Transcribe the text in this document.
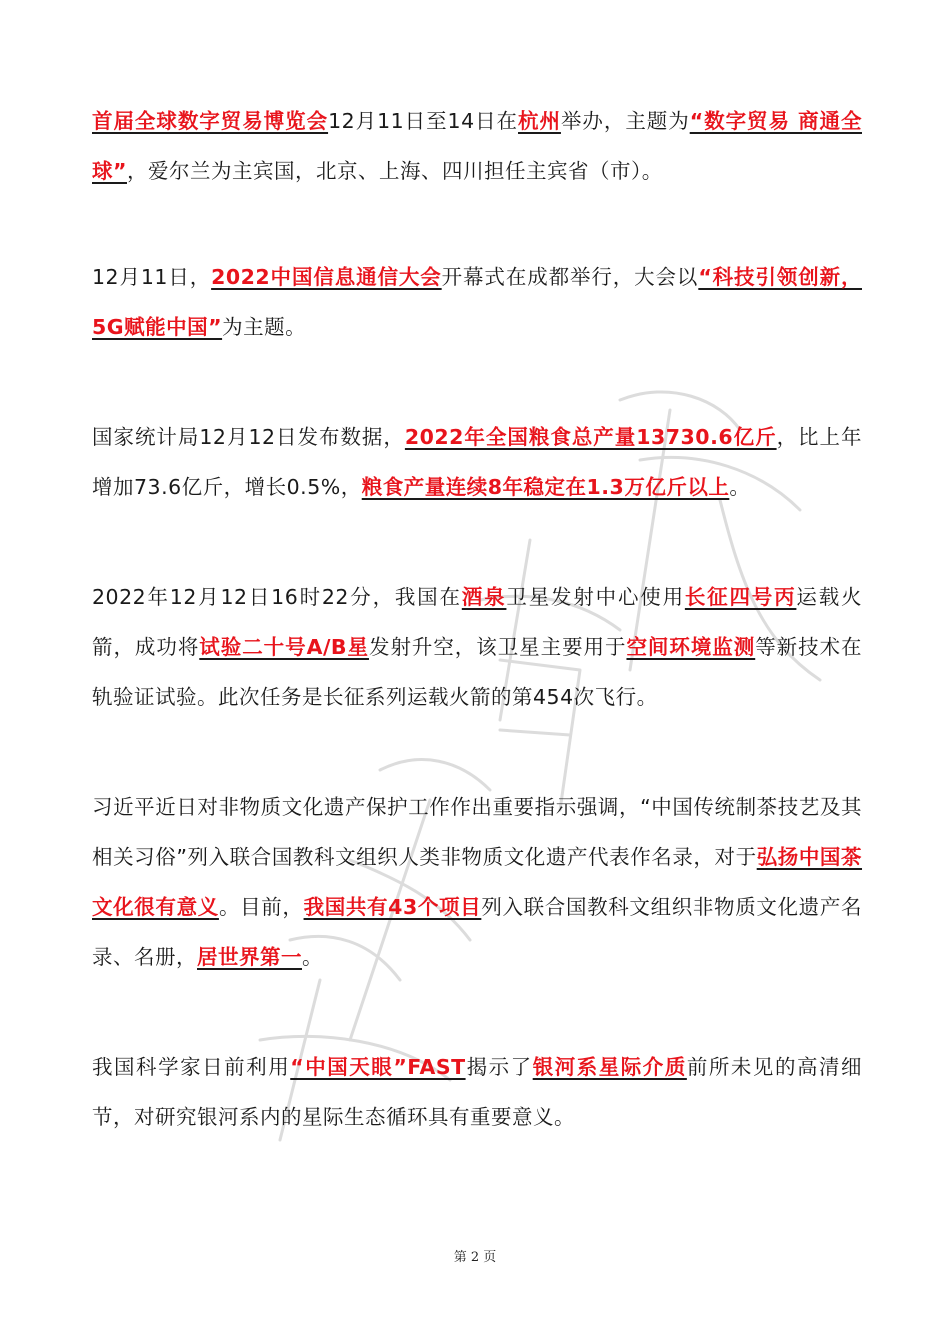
首届全球数字贸易博览会12月11日至14日在杭州举办，主题为“数字贸易 商通全球”，爱尔兰为主宾国，北京、上海、四川担任主宾省（市）。

12月11日，2022中国信息通信大会开幕式在成都举行，大会以“科技引领创新，5G赋能中国”为主题。

国家统计局12月12日发布数据，2022年全国粮食总产量13730.6亿斤，比上年增加73.6亿斤，增长0.5%，粮食产量连续8年稳定在1.3万亿斤以上。

2022年12月12日16时22分，我国在酒泉卫星发射中心使用长征四号丙运载火箭，成功将试验二十号A/B星发射升空，该卫星主要用于空间环境监测等新技术在轨验证试验。此次任务是长征系列运载火箭的第454次飞行。

习近平近日对非物质文化遗产保护工作作出重要指示强调，“中国传统制茶技艺及其相关习俗”列入联合国教科文组织人类非物质文化遗产代表作名录，对于弘扬中国茶文化很有意义。目前，我国共有43个项目列入联合国教科文组织非物质文化遗产名录、名册，居世界第一。

我国科学家日前利用“中国天眼”FAST揭示了银河系星际介质前所未见的高清细节，对研究银河系内的星际生态循环具有重要意义。

第 2 页
